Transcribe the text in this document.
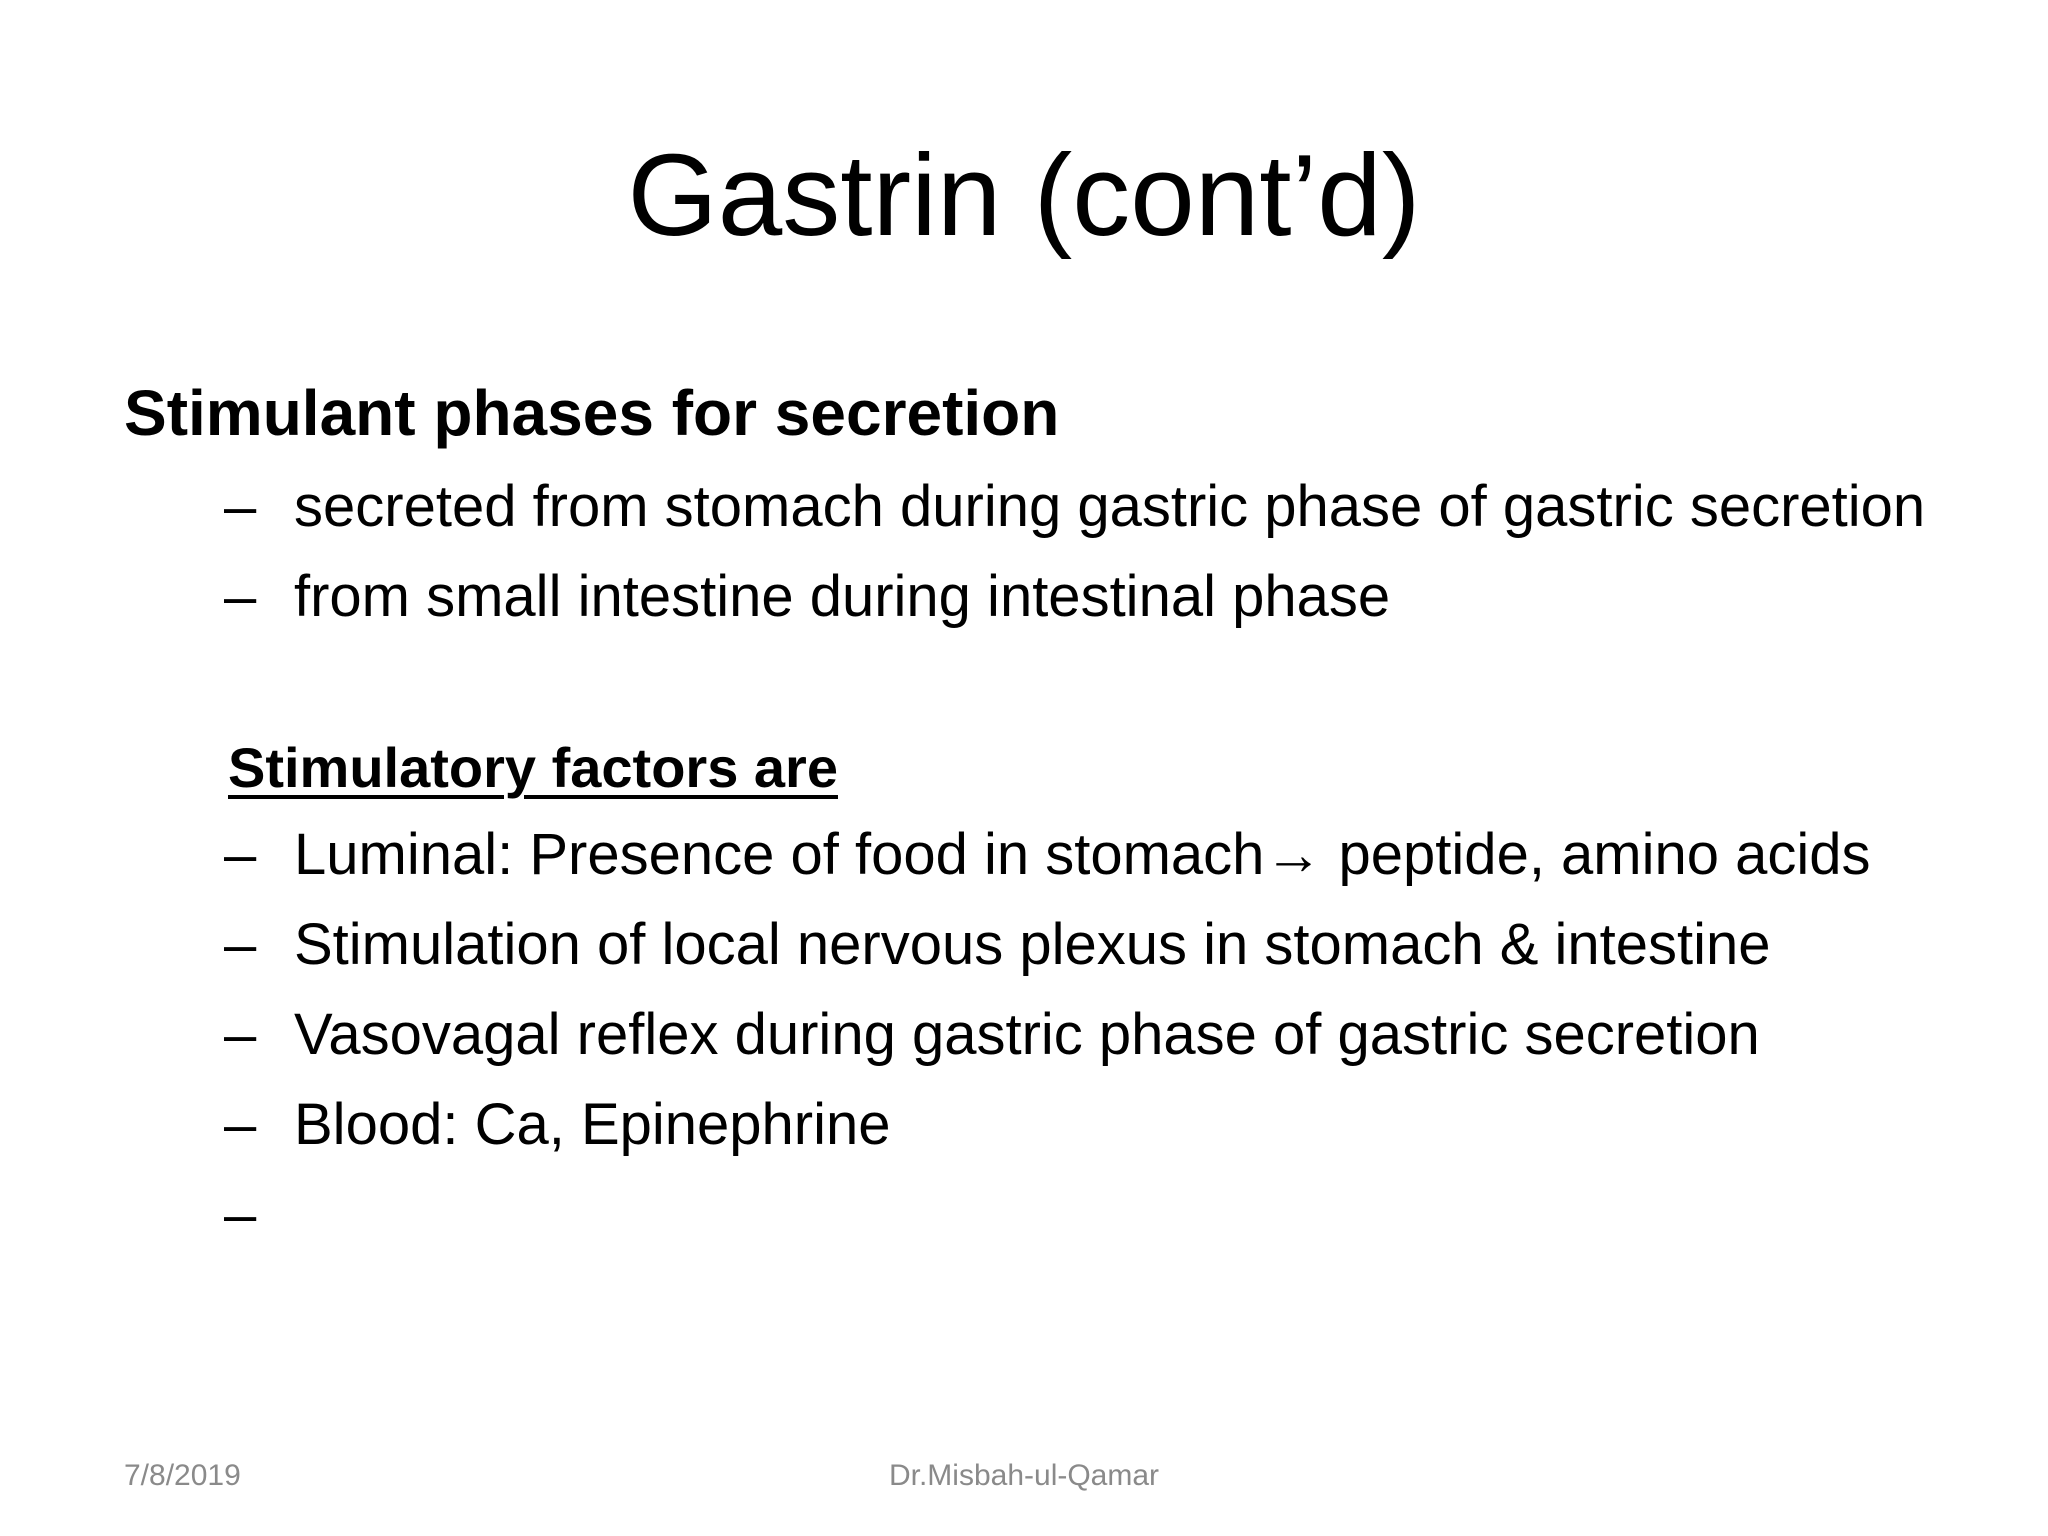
Gastrin (cont’d)

Stimulant phases for secretion

– secreted from stomach during gastric phase of gastric secretion
– from small intestine during intestinal phase

Stimulatory factors are

– Luminal: Presence of food in stomach→ peptide, amino acids
– Stimulation of local nervous plexus in stomach & intestine
– Vasovagal reflex during gastric phase of gastric secretion
– Blood: Ca, Epinephrine
–

7/8/2019	Dr.Misbah-ul-Qamar
